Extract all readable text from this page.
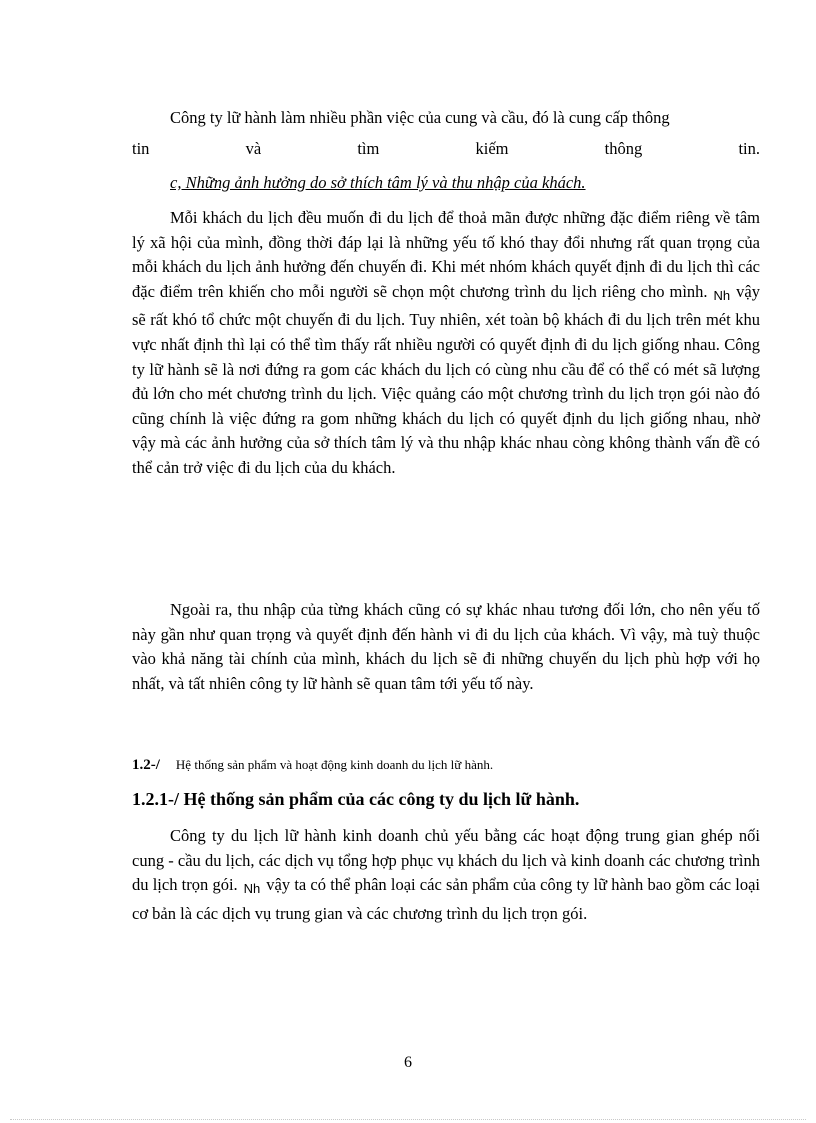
Công ty lữ hành làm nhiều phần việc của cung và cầu, đó là cung cấp thông

tin và tìm kiếm thông tin.

c, Những ảnh hưởng do sở thích tâm lý và thu nhập của khách.

Mỗi khách du lịch đều muốn đi du lịch để thoả mãn được những đặc điểm riêng về tâm lý xã hội của mình, đồng thời đáp lại là những yếu tố khó thay đổi nhưng rất quan trọng của mỗi khách du lịch ảnh hưởng đến chuyến đi. Khi mét nhóm khách quyết định đi du lịch thì các đặc điểm trên khiến cho mỗi người sẽ chọn một chương trình du lịch riêng cho mình. Nh vậy sẽ rất khó tổ chức một chuyến đi du lịch. Tuy nhiên, xét toàn bộ khách đi du lịch trên mét khu vực nhất định thì lại có thể tìm thấy rất nhiều người có quyết định đi du lịch giống nhau. Công ty lữ hành sẽ là nơi đứng ra gom các khách du lịch có cùng nhu cầu để có thể có mét sã lượng đủ lớn cho mét chương trình du lịch. Việc quảng cáo một chương trình du lịch trọn gói nào đó cũng chính là việc đứng ra gom những khách du lịch có quyết định du lịch giống nhau, nhờ vậy mà các ảnh hưởng của sở thích tâm lý và thu nhập khác nhau còng không thành vấn đề có thể cản trở việc đi du lịch của du khách.

Ngoài ra, thu nhập của từng khách cũng có sự khác nhau tương đối lớn, cho nên yếu tố này gần như quan trọng và quyết định đến hành vi đi du lịch của khách. Vì vậy, mà tuỳ thuộc vào khả năng tài chính của mình, khách du lịch sẽ đi những chuyến du lịch phù hợp với họ nhất, và tất nhiên công ty lữ hành sẽ quan tâm tới yếu tố này.

1.2-/ Hệ thống sản phẩm và hoạt động kinh doanh du lịch lữ hành.
1.2.1-/ Hệ thống sản phẩm của các công ty du lịch lữ hành.

Công ty du lịch lữ hành kinh doanh chủ yếu bằng các hoạt động trung gian ghép nối cung - cầu du lịch, các dịch vụ tổng hợp phục vụ khách du lịch và kinh doanh các chương trình du lịch trọn gói. Nh vậy ta có thể phân loại các sản phẩm của công ty lữ hành bao gồm các loại cơ bản là các dịch vụ trung gian và các chương trình du lịch trọn gói.

6
